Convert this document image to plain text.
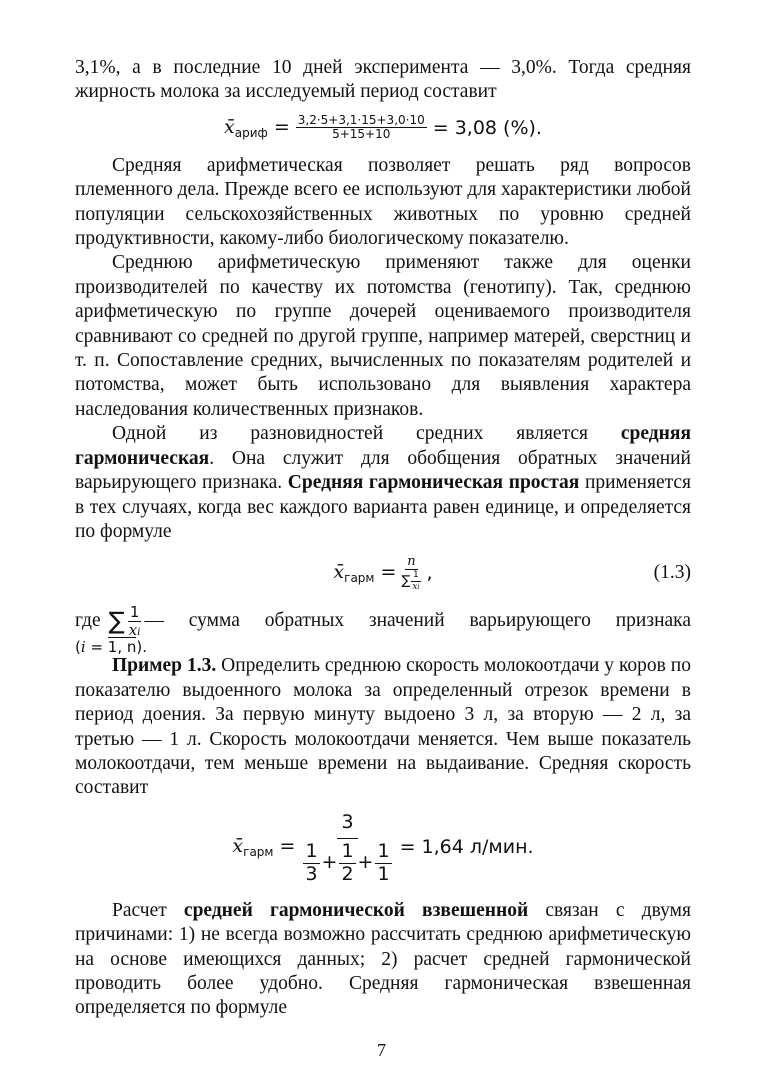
3,1%, а в последние 10 дней эксперимента — 3,0%. Тогда средняя жирность молока за исследуемый период составит

$x̄_{ариф} = \frac{3,2\cdot 5+3,1\cdot 15+3,0\cdot 10}{5+15+10} = 3,08$ (%).

Средняя арифметическая позволяет решать ряд вопросов племенного дела. Прежде всего ее используют для характеристики любой популяции сельскохозяйственных животных по уровню средней продуктивности, какому-либо биологическому показателю.

Среднюю арифметическую применяют также для оценки производителей по качеству их потомства (генотипу). Так, среднюю арифметическую по группе дочерей оцениваемого производителя сравнивают со средней по другой группе, например матерей, сверстниц и т. п. Сопоставление средних, вычисленных по показателям родителей и потомства, может быть использовано для выявления характера наследования количественных признаков.

Одной из разновидностей средних является средняя гармоническая. Она служит для обобщения обратных значений варьирующего признака. Средняя гармоническая простая применяется в тех случаях, когда вес каждого варианта равен единице, и определяется по формуле

$x̄_{гарм} = \frac{n}{\sum \frac{1}{xi}}$ ,	(1.3)
где ∑ $\frac{1}{xi}$ — сумма обратных значений варьирующего признака
(i = 1, n).

Пример 1.3. Определить среднюю скорость молокоотдачи у коров по показателю выдоенного молока за определенный отрезок времени в период доения. За первую минуту выдоено 3 л, за вторую — 2 л, за третью — 1 л. Скорость молокоотдачи меняется. Чем выше показатель молокоотдачи, тем меньше времени на выдаивание. Средняя скорость составит

$x̄_{гарм} = \frac{3}{\frac{1}{3} + \frac{1}{2} + \frac{1}{1}} = 1,64$ л/мин.

Расчет средней гармонической взвешенной связан с двумя причинами: 1) не всегда возможно рассчитать среднюю арифметическую на основе имеющихся данных; 2) расчет средней гармонической проводить более удобно. Средняя гармоническая взвешенная определяется по формуле

7
